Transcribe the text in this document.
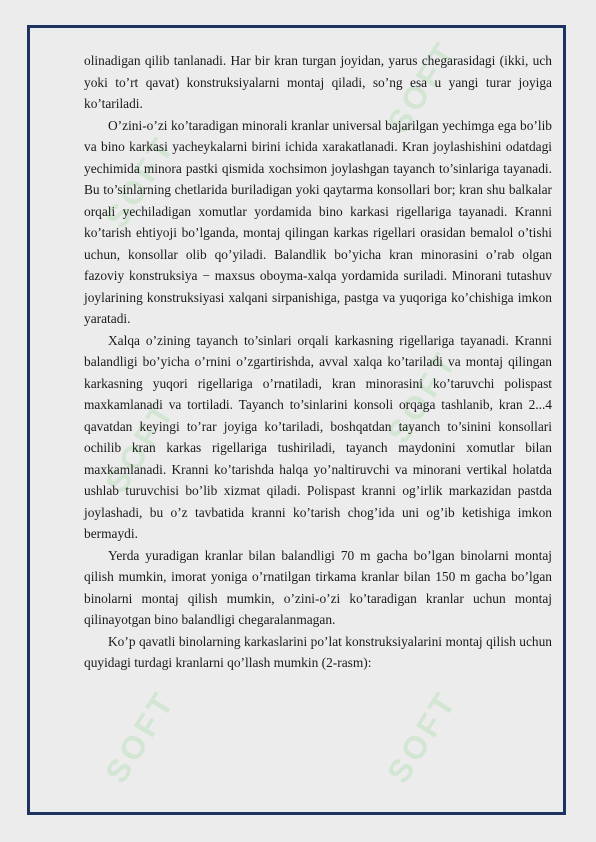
SOFT
SOFT
SOFT	SOFT
SOFT	SOFT

olinadigan qilib tanlanadi. Har bir kran turgan joyidan, yarus chegarasidagi (ikki, uch yoki to’rt qavat) konstruksiyalarni montaj qiladi, so’ng esa u yangi turar joyiga ko’tariladi.

O’zini-o’zi ko’taradigan minorali kranlar universal bajarilgan yechimga ega bo’lib va bino karkasi yacheykalarni birini ichida xarakatlanadi. Kran joylashishini odatdagi yechimida minora pastki qismida xochsimon joylashgan tayanch to’sinlariga tayanadi. Bu to’sinlarning chetlarida buriladigan yoki qaytarma konsollari bor; kran shu balkalar orqali yechiladigan xomutlar yordamida bino karkasi rigellariga tayanadi. Kranni ko’tarish ehtiyoji bo’lganda, montaj qilingan karkas rigellari orasidan bemalol o’tishi uchun, konsollar olib qo’yiladi. Balandlik bo’yicha kran minorasini o’rab olgan fazoviy konstruksiya − maxsus oboyma-xalqa yordamida suriladi. Minorani tutashuv joylarining konstruksiyasi xalqani sirpanishiga, pastga va yuqoriga ko’chishiga imkon yaratadi.

Xalqa o’zining tayanch to’sinlari orqali karkasning rigellariga tayanadi. Kranni balandligi bo’yicha o’rnini o’zgartirishda, avval xalqa ko’tariladi va montaj qilingan karkasning yuqori rigellariga o’rnatiladi, kran minorasini ko’taruvchi polispast maxkamlanadi va tortiladi. Tayanch to’sinlarini konsoli orqaga tashlanib, kran 2...4 qavatdan keyingi to’rar joyiga ko’tariladi, boshqatdan tayanch to’sinini konsollari ochilib kran karkas rigellariga tushiriladi, tayanch maydonini xomutlar bilan maxkamlanadi. Kranni ko’tarishda halqa yo’naltiruvchi va minorani vertikal holatda ushlab turuvchisi bo’lib xizmat qiladi. Polispast kranni og’irlik markazidan pastda joylashadi, bu o’z tavbatida kranni ko’tarish chog’ida uni og’ib ketishiga imkon bermaydi.

Yerda yuradigan kranlar bilan balandligi 70 m gacha bo’lgan binolarni montaj qilish mumkin, imorat yoniga o’rnatilgan tirkama kranlar bilan 150 m gacha bo’lgan binolarni montaj qilish mumkin, o’zini-o’zi ko’taradigan kranlar uchun montaj qilinayotgan bino balandligi chegaralanmagan.

Ko’p qavatli binolarning karkaslarini po’lat konstruksiyalarini montaj qilish uchun quyidagi turdagi kranlarni qo’llash mumkin (2-rasm):
